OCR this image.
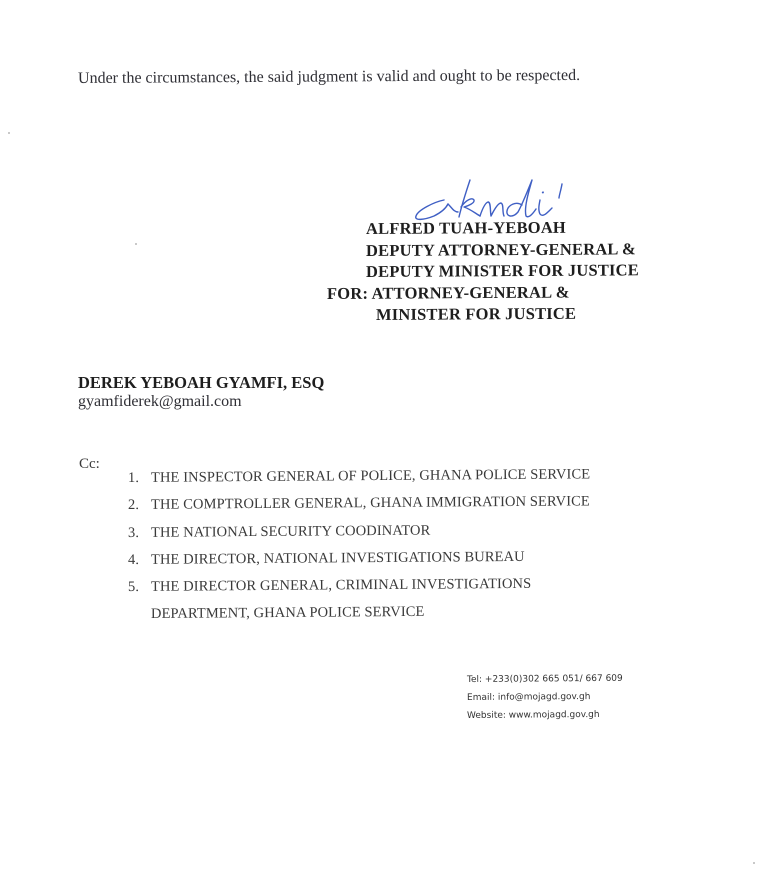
Under the circumstances, the said judgment is valid and ought to be respected.
akndi
ALFRED TUAH-YEBOAH
DEPUTY ATTORNEY-GENERAL &
DEPUTY MINISTER FOR JUSTICE
FOR: ATTORNEY-GENERAL &
MINISTER FOR JUSTICE
DEREK YEBOAH GYAMFI, ESQ
gyamfiderek@gmail.com
Cc:
1. THE INSPECTOR GENERAL OF POLICE, GHANA POLICE SERVICE
2. THE COMPTROLLER GENERAL, GHANA IMMIGRATION SERVICE
3. THE NATIONAL SECURITY COODINATOR
4. THE DIRECTOR, NATIONAL INVESTIGATIONS BUREAU
5. THE DIRECTOR GENERAL, CRIMINAL INVESTIGATIONS
DEPARTMENT, GHANA POLICE SERVICE
Tel: +233(0)302 665 051/ 667 609
Email: info@mojagd.gov.gh
Website: www.mojagd.gov.gh
